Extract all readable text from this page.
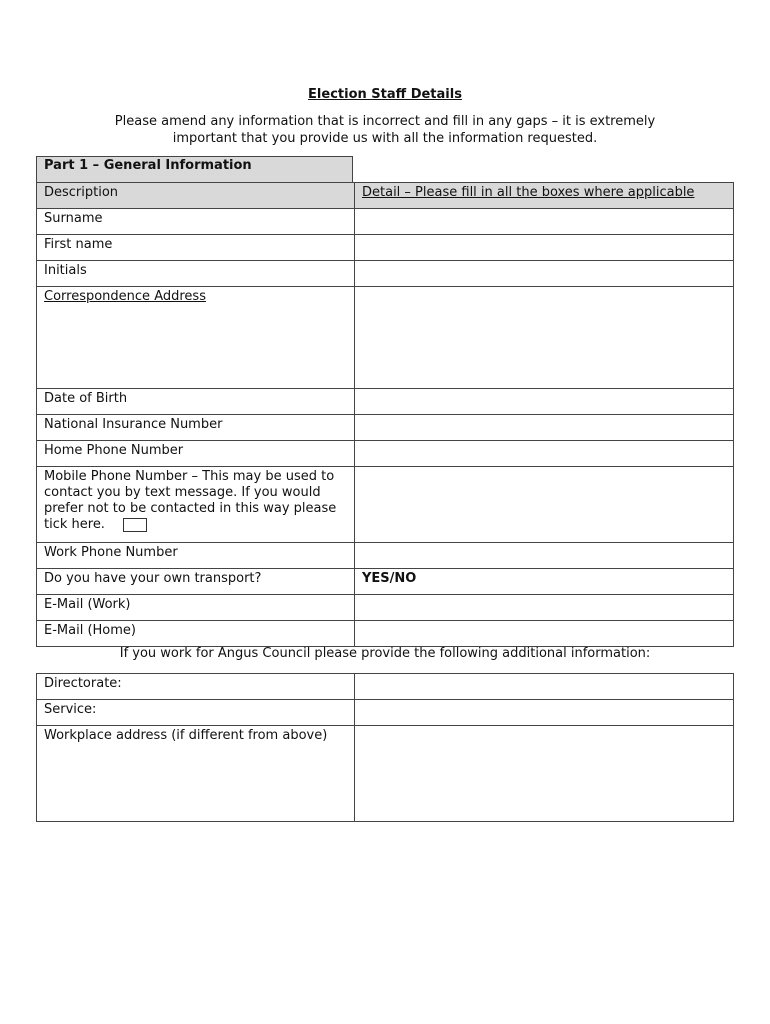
Election Staff Details
Please amend any information that is incorrect and fill in any gaps – it is extremely important that you provide us with all the information requested.
Part 1 – General Information
Description	Detail – Please fill in all the boxes where applicable
Surname	
First name	
Initials	
Correspondence Address	
Date of Birth	
National Insurance Number	
Home Phone Number	
Mobile Phone Number – This may be used to contact you by text message. If you would prefer not to be contacted in this way please tick here.	
Work Phone Number	
Do you have your own transport?	YES/NO
E-Mail (Work)	
E-Mail (Home)	
If you work for Angus Council please provide the following additional information:
Directorate:	
Service:	
Workplace address (if different from above)	
